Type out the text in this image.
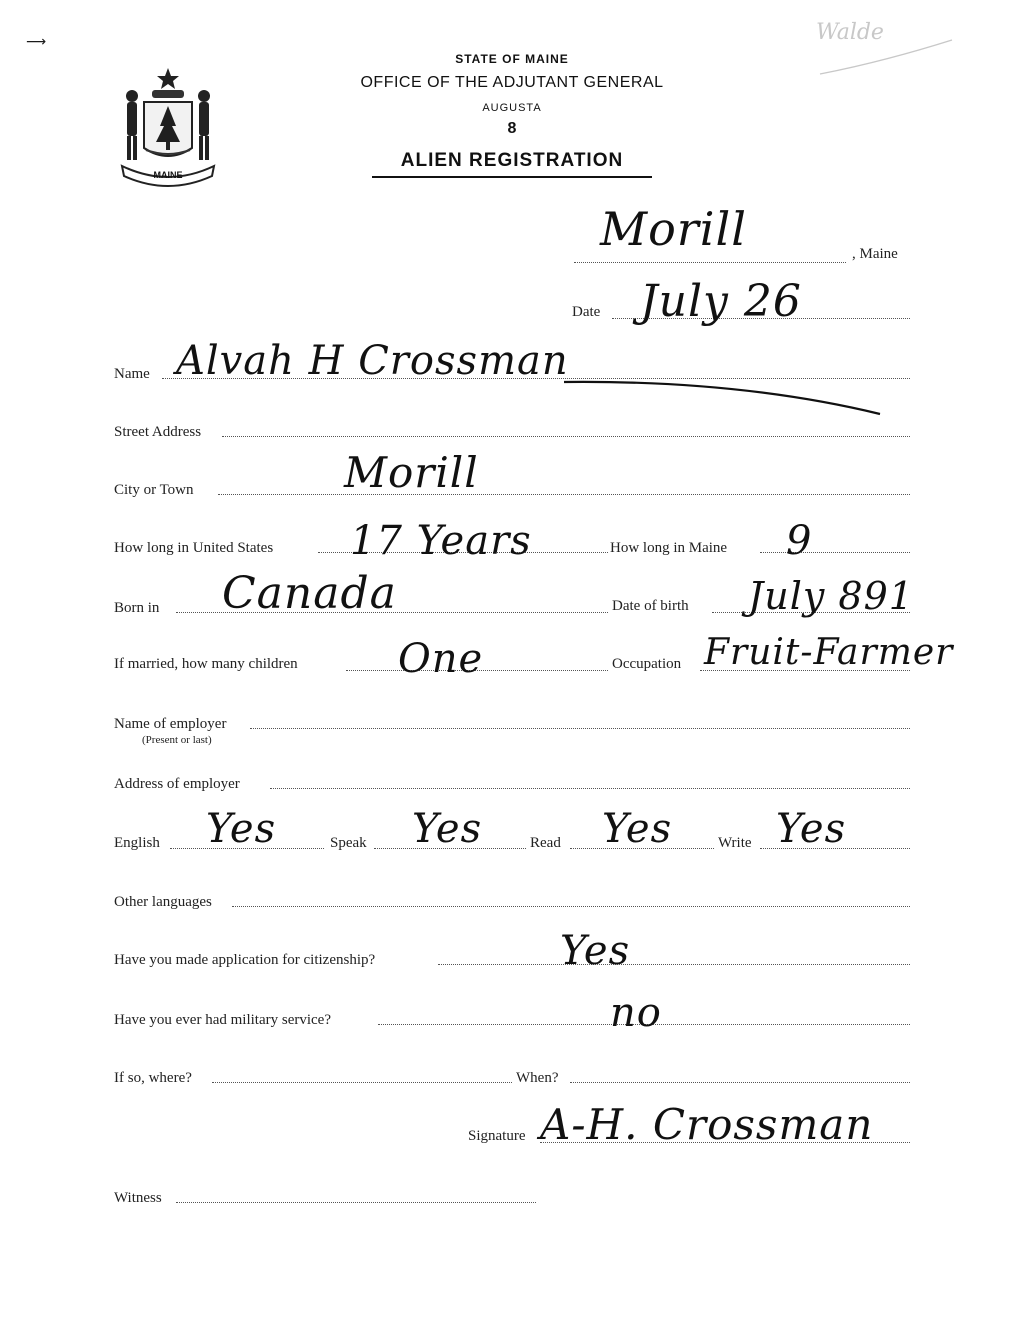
Walde
⟶
MAINE
STATE OF MAINE
OFFICE OF THE ADJUTANT GENERAL
AUGUSTA
8
ALIEN REGISTRATION
, Maine
Morill
Date July 26
Name Alvah H Crossman
Street Address
City or Town	Morill
How long in United States 17 Years	How long in Maine 9
Born in Canada	Date of birth July 891
If married, how many children	One	Occupation Fruit-Farmer
Name of employer
(Present or last)
Address of employer
English Yes	Speak Yes	Read Yes	Write Yes
Other languages
Have you made application for citizenship?	Yes
Have you ever had military service?	no
If so, where?	When?
Signature A-H. Crossman
Witness
